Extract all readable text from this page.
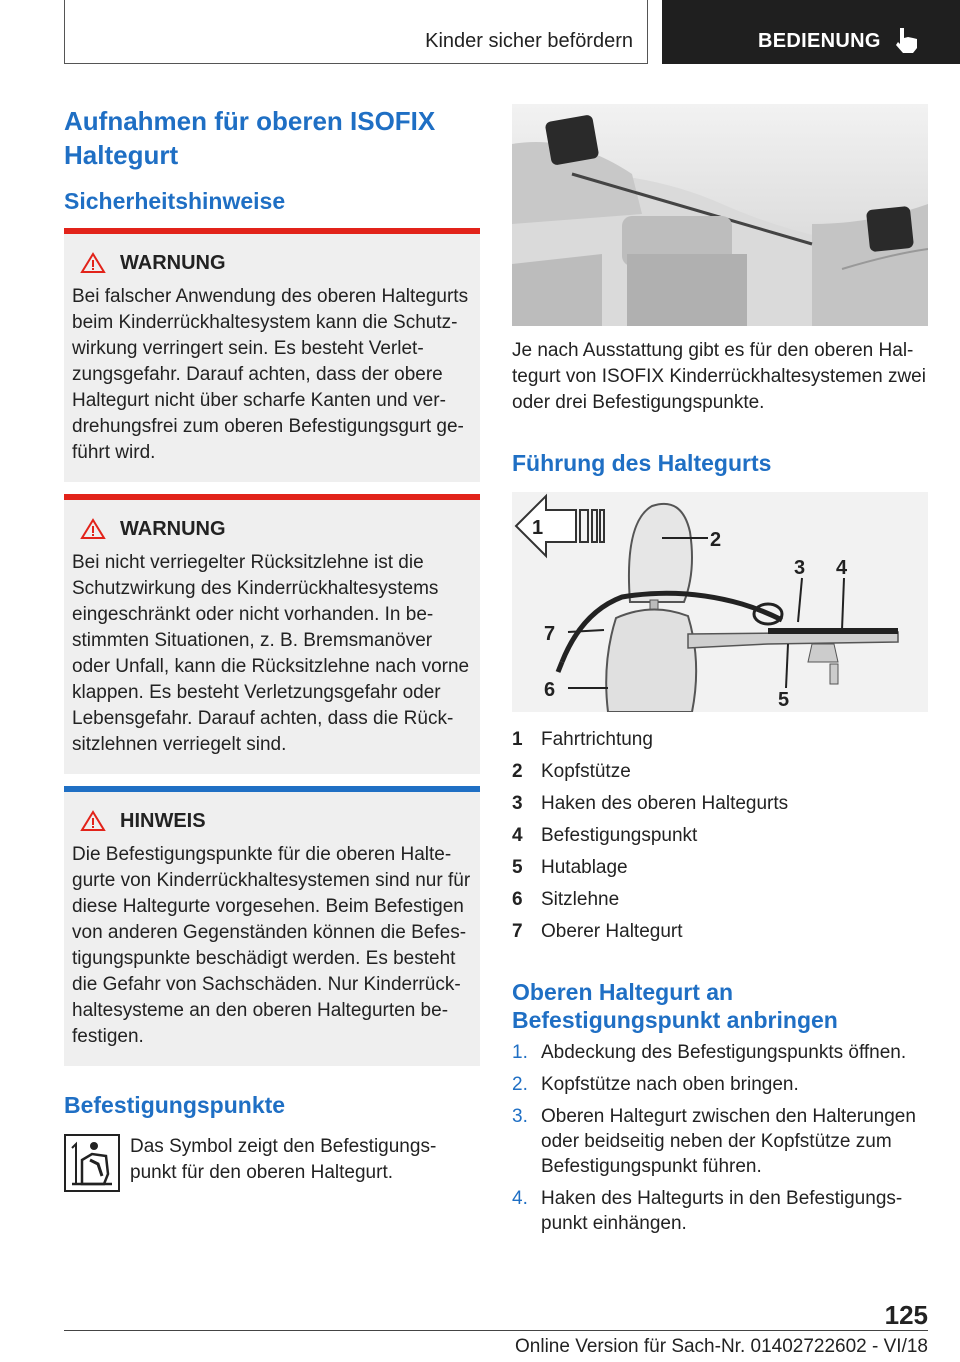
Kinder sicher befördern	BEDIENUNG
Aufnahmen für oberen ISOFIX Haltegurt
Sicherheitshinweise
WARNUNG

Bei falscher Anwendung des oberen Haltegurts beim Kinderrückhaltesystem kann die Schutzwirkung verringert sein. Es besteht Verletzungsgefahr. Darauf achten, dass der obere Haltegurt nicht über scharfe Kanten und verdrehungsfrei zum oberen Befestigungsgurt geführt wird.

WARNUNG

Bei nicht verriegelter Rücksitzlehne ist die Schutzwirkung des Kinderrückhaltesystems eingeschränkt oder nicht vorhanden. In bestimmten Situationen, z. B. Bremsmanöver oder Unfall, kann die Rücksitzlehne nach vorne klappen. Es besteht Verletzungsgefahr oder Lebensgefahr. Darauf achten, dass die Rücksitzlehnen verriegelt sind.

HINWEIS

Die Befestigungspunkte für die oberen Haltegurte von Kinderrückhaltesystemen sind nur für diese Haltegurte vorgesehen. Beim Befestigen von anderen Gegenständen können die Befestigungspunkte beschädigt werden. Es besteht die Gefahr von Sachschäden. Nur Kinderrückhaltesysteme an den oberen Haltegurten befestigen.

Befestigungspunkte

Das Symbol zeigt den Befestigungspunkt für den oberen Haltegurt.

Je nach Ausstattung gibt es für den oberen Haltegurt von ISOFIX Kinderrückhaltesystemen zwei oder drei Befestigungspunkte.

Führung des Haltegurts
1
2
3 4
5
6
7
1 Fahrtrichtung
2 Kopfstütze
3 Haken des oberen Haltegurts
4 Befestigungspunkt
5 Hutablage
6 Sitzlehne
7 Oberer Haltegurt
Oberen Haltegurt an Befestigungspunkt anbringen
1. Abdeckung des Befestigungspunkts öffnen.
2. Kopfstütze nach oben bringen.
3. Oberen Haltegurt zwischen den Halterungen oder beidseitig neben der Kopfstütze zum Befestigungspunkt führen.
4. Haken des Haltegurts in den Befestigungspunkt einhängen.
125
Online Version für Sach-Nr. 01402722602 - VI/18
